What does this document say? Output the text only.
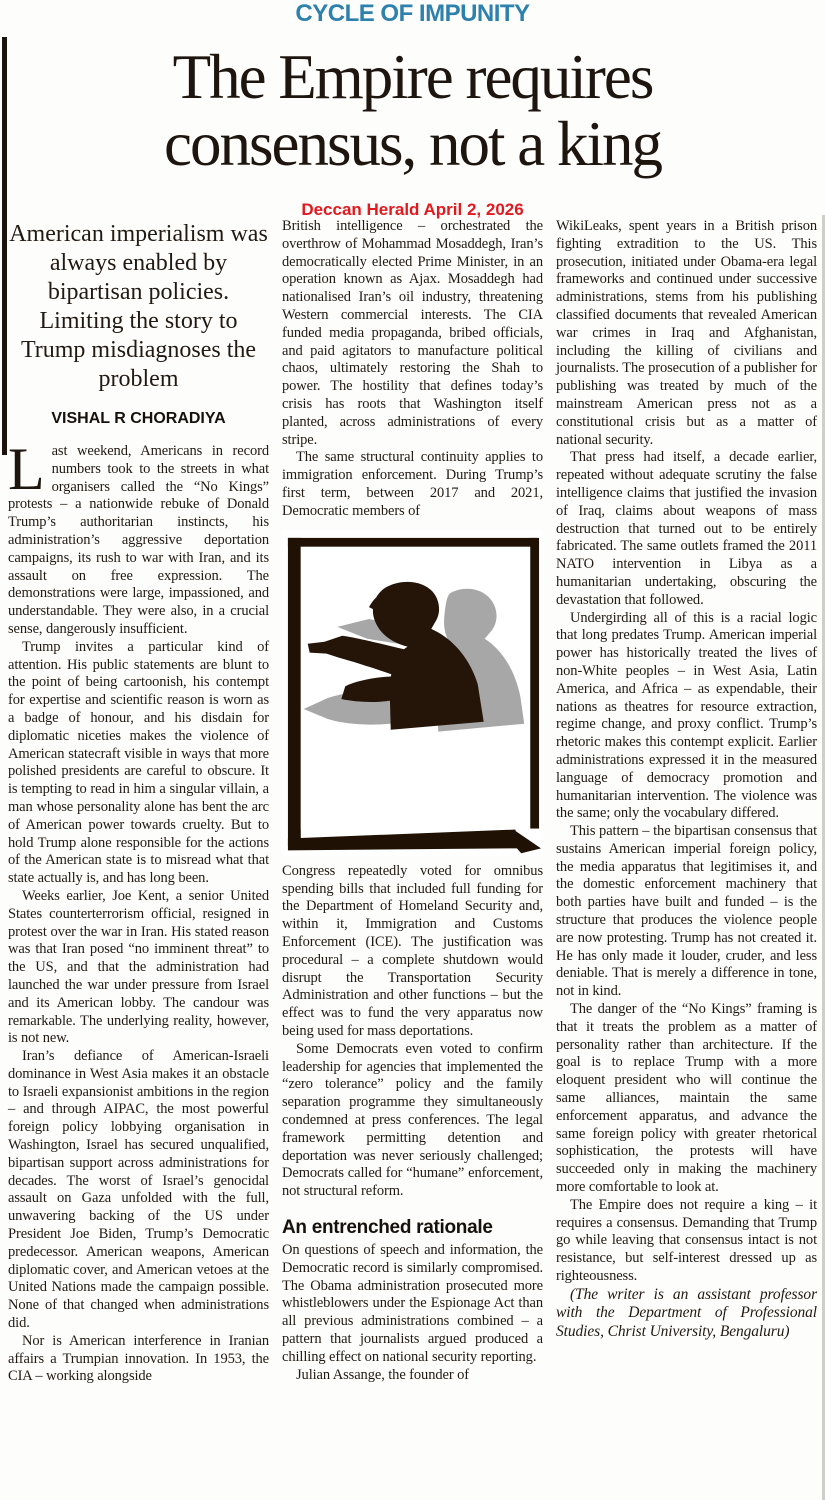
CYCLE OF IMPUNITY
The Empire requires
consensus, not a king
Deccan Herald April 2, 2026
American imperialism was always enabled by bipartisan policies. Limiting the story to Trump misdiagnoses the problem
VISHAL R CHORADIYA

Last weekend, Americans in record numbers took to the streets in what organisers called the “No Kings” protests – a nationwide rebuke of Donald Trump’s authoritarian instincts, his administration’s aggressive deportation campaigns, its rush to war with Iran, and its assault on free expression. The demonstrations were large, impassioned, and understandable. They were also, in a crucial sense, dangerously insufficient.

Trump invites a particular kind of attention. His public statements are blunt to the point of being cartoonish, his contempt for expertise and scientific reason is worn as a badge of honour, and his disdain for diplomatic niceties makes the violence of American statecraft visible in ways that more polished presidents are careful to obscure. It is tempting to read in him a singular villain, a man whose personality alone has bent the arc of American power towards cruelty. But to hold Trump alone responsible for the actions of the American state is to misread what that state actually is, and has long been.

Weeks earlier, Joe Kent, a senior United States counterterrorism official, resigned in protest over the war in Iran. His stated reason was that Iran posed “no imminent threat” to the US, and that the administration had launched the war under pressure from Israel and its American lobby. The candour was remarkable. The underlying reality, however, is not new.

Iran’s defiance of American-Israeli dominance in West Asia makes it an obstacle to Israeli expansionist ambitions in the region – and through AIPAC, the most powerful foreign policy lobbying organisation in Washington, Israel has secured unqualified, bipartisan support across administrations for decades. The worst of Israel’s genocidal assault on Gaza unfolded with the full, unwavering backing of the US under President Joe Biden, Trump’s Democratic predecessor. American weapons, American diplomatic cover, and American vetoes at the United Nations made the campaign possible. None of that changed when administrations did.

Nor is American interference in Iranian affairs a Trumpian innovation. In 1953, the CIA – working alongside

British intelligence – orchestrated the overthrow of Mohammad Mosaddegh, Iran’s democratically elected Prime Minister, in an operation known as Ajax. Mosaddegh had nationalised Iran’s oil industry, threatening Western commercial interests. The CIA funded media propaganda, bribed officials, and paid agitators to manufacture political chaos, ultimately restoring the Shah to power. The hostility that defines today’s crisis has roots that Washington itself planted, across administrations of every stripe.

The same structural continuity applies to immigration enforcement. During Trump’s first term, between 2017 and 2021, Democratic members of

Congress repeatedly voted for omnibus spending bills that included full funding for the Department of Homeland Security and, within it, Immigration and Customs Enforcement (ICE). The justification was procedural – a complete shutdown would disrupt the Transportation Security Administration and other functions – but the effect was to fund the very apparatus now being used for mass deportations.

Some Democrats even voted to confirm leadership for agencies that implemented the “zero tolerance” policy and the family separation programme they simultaneously condemned at press conferences. The legal framework permitting detention and deportation was never seriously challenged; Democrats called for “humane” enforcement, not structural reform.

An entrenched rationale

On questions of speech and information, the Democratic record is similarly compromised. The Obama administration prosecuted more whistleblowers under the Espionage Act than all previous administrations combined – a pattern that journalists argued produced a chilling effect on national security reporting.

Julian Assange, the founder of

WikiLeaks, spent years in a British prison fighting extradition to the US. This prosecution, initiated under Obama-era legal frameworks and continued under successive administrations, stems from his publishing classified documents that revealed American war crimes in Iraq and Afghanistan, including the killing of civilians and journalists. The prosecution of a publisher for publishing was treated by much of the mainstream American press not as a constitutional crisis but as a matter of national security.

That press had itself, a decade earlier, repeated without adequate scrutiny the false intelligence claims that justified the invasion of Iraq, claims about weapons of mass destruction that turned out to be entirely fabricated. The same outlets framed the 2011 NATO intervention in Libya as a humanitarian undertaking, obscuring the devastation that followed.

Undergirding all of this is a racial logic that long predates Trump. American imperial power has historically treated the lives of non-White peoples – in West Asia, Latin America, and Africa – as expendable, their nations as theatres for resource extraction, regime change, and proxy conflict. Trump’s rhetoric makes this contempt explicit. Earlier administrations expressed it in the measured language of democracy promotion and humanitarian intervention. The violence was the same; only the vocabulary differed.

This pattern – the bipartisan consensus that sustains American imperial foreign policy, the media apparatus that legitimises it, and the domestic enforcement machinery that both parties have built and funded – is the structure that produces the violence people are now protesting. Trump has not created it. He has only made it louder, cruder, and less deniable. That is merely a difference in tone, not in kind.

The danger of the “No Kings” framing is that it treats the problem as a matter of personality rather than architecture. If the goal is to replace Trump with a more eloquent president who will continue the same alliances, maintain the same enforcement apparatus, and advance the same foreign policy with greater rhetorical sophistication, the protests will have succeeded only in making the machinery more comfortable to look at.

The Empire does not require a king – it requires a consensus. Demanding that Trump go while leaving that consensus intact is not resistance, but self-interest dressed up as righteousness.

(The writer is an assistant professor with the Department of Professional Studies, Christ University, Bengaluru)
